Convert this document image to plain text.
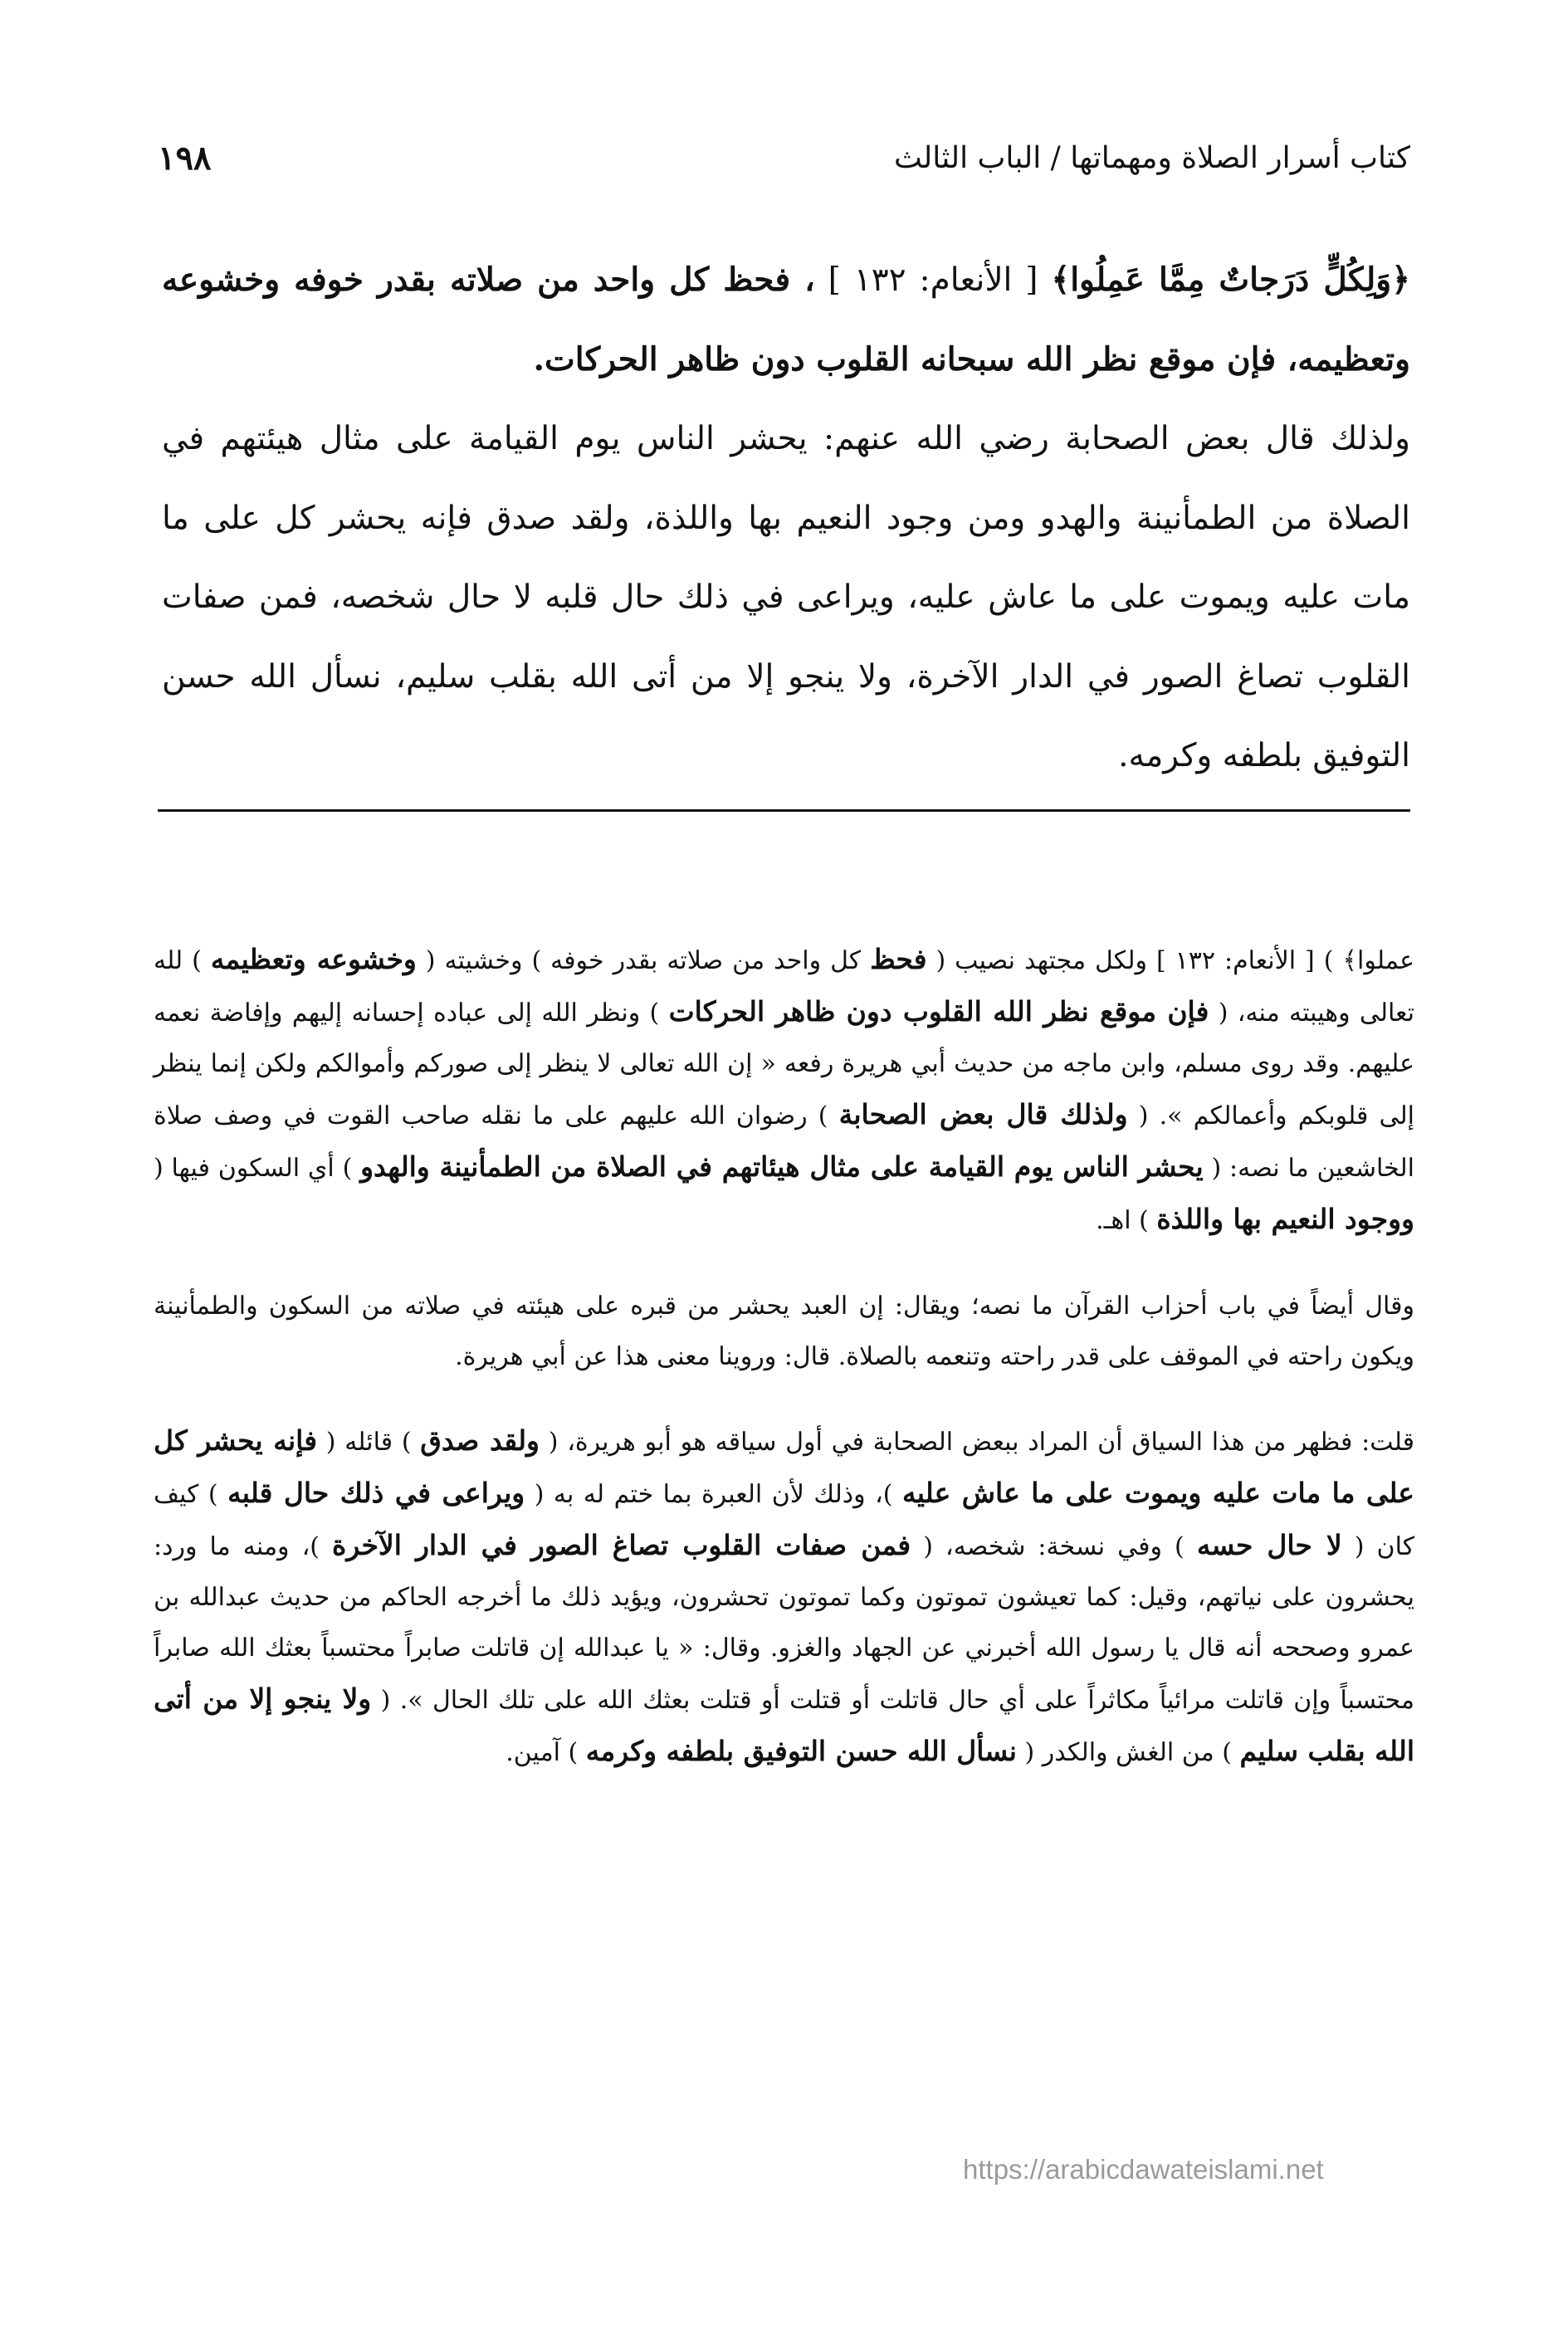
كتاب أسرار الصلاة ومهماتها / الباب الثالث
١٩٨

﴿وَلِكُلٍّ دَرَجاتٌ مِمَّا عَمِلُوا﴾ [ الأنعام: ١٣٢ ] ، فحظ كل واحد من صلاته بقدر خوفه وخشوعه وتعظيمه، فإن موقع نظر الله سبحانه القلوب دون ظاهر الحركات.

ولذلك قال بعض الصحابة رضي الله عنهم: يحشر الناس يوم القيامة على مثال هيئتهم في الصلاة من الطمأنينة والهدو ومن وجود النعيم بها واللذة، ولقد صدق فإنه يحشر كل على ما مات عليه ويموت على ما عاش عليه، ويراعى في ذلك حال قلبه لا حال شخصه، فمن صفات القلوب تصاغ الصور في الدار الآخرة، ولا ينجو إلا من أتى الله بقلب سليم، نسأل الله حسن التوفيق بلطفه وكرمه.

عملوا﴾ ) [ الأنعام: ١٣٢ ] ولكل مجتهد نصيب ( فحظ كل واحد من صلاته بقدر خوفه ) وخشيته ( وخشوعه وتعظيمه ) لله تعالى وهيبته منه، ( فإن موقع نظر الله القلوب دون ظاهر الحركات ) ونظر الله إلى عباده إحسانه إليهم وإفاضة نعمه عليهم. وقد روى مسلم، وابن ماجه من حديث أبي هريرة رفعه « إن الله تعالى لا ينظر إلى صوركم وأموالكم ولكن إنما ينظر إلى قلوبكم وأعمالكم ». ( ولذلك قال بعض الصحابة ) رضوان الله عليهم على ما نقله صاحب القوت في وصف صلاة الخاشعين ما نصه: ( يحشر الناس يوم القيامة على مثال هيئاتهم في الصلاة من الطمأنينة والهدو ) أي السكون فيها ( ووجود النعيم بها واللذة ) اهـ.

وقال أيضاً في باب أحزاب القرآن ما نصه؛ ويقال: إن العبد يحشر من قبره على هيئته في صلاته من السكون والطمأنينة ويكون راحته في الموقف على قدر راحته وتنعمه بالصلاة. قال: وروينا معنى هذا عن أبي هريرة.

قلت: فظهر من هذا السياق أن المراد ببعض الصحابة في أول سياقه هو أبو هريرة، ( ولقد صدق ) قائله ( فإنه يحشر كل على ما مات عليه ويموت على ما عاش عليه )، وذلك لأن العبرة بما ختم له به ( ويراعى في ذلك حال قلبه ) كيف كان ( لا حال حسه ) وفي نسخة: شخصه، ( فمن صفات القلوب تصاغ الصور في الدار الآخرة )، ومنه ما ورد: يحشرون على نياتهم، وقيل: كما تعيشون تموتون وكما تموتون تحشرون، ويؤيد ذلك ما أخرجه الحاكم من حديث عبدالله بن عمرو وصححه أنه قال يا رسول الله أخبرني عن الجهاد والغزو. وقال: « يا عبدالله إن قاتلت صابراً محتسباً بعثك الله صابراً محتسباً وإن قاتلت مرائياً مكاثراً على أي حال قاتلت أو قتلت أو قتلت بعثك الله على تلك الحال ». ( ولا ينجو إلا من أتى الله بقلب سليم ) من الغش والكدر ( نسأل الله حسن التوفيق بلطفه وكرمه ) آمين.

https://arabicdawateislami.net
